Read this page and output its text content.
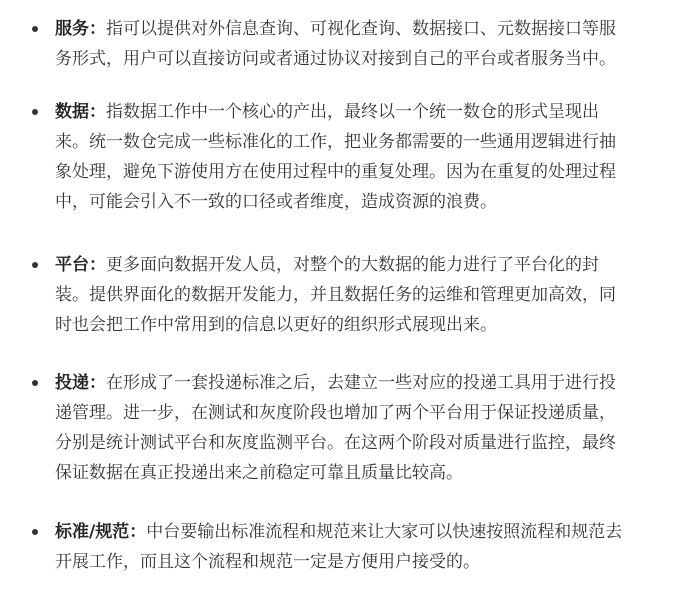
服务：指可以提供对外信息查询、可视化查询、数据接口、元数据接口等服
务形式，用户可以直接访问或者通过协议对接到自己的平台或者服务当中。
数据：指数据工作中一个核心的产出，最终以一个统一数仓的形式呈现出
来。统一数仓完成一些标准化的工作，把业务都需要的一些通用逻辑进行抽
象处理，避免下游使用方在使用过程中的重复处理。因为在重复的处理过程
中，可能会引入不一致的口径或者维度，造成资源的浪费。
平台：更多面向数据开发人员，对整个的大数据的能力进行了平台化的封
装。提供界面化的数据开发能力，并且数据任务的运维和管理更加高效，同
时也会把工作中常用到的信息以更好的组织形式展现出来。
投递：在形成了一套投递标准之后，去建立一些对应的投递工具用于进行投
递管理。进一步，在测试和灰度阶段也增加了两个平台用于保证投递质量，
分别是统计测试平台和灰度监测平台。在这两个阶段对质量进行监控，最终
保证数据在真正投递出来之前稳定可靠且质量比较高。
标准/规范：中台要输出标准流程和规范来让大家可以快速按照流程和规范去
开展工作，而且这个流程和规范一定是方便用户接受的。
